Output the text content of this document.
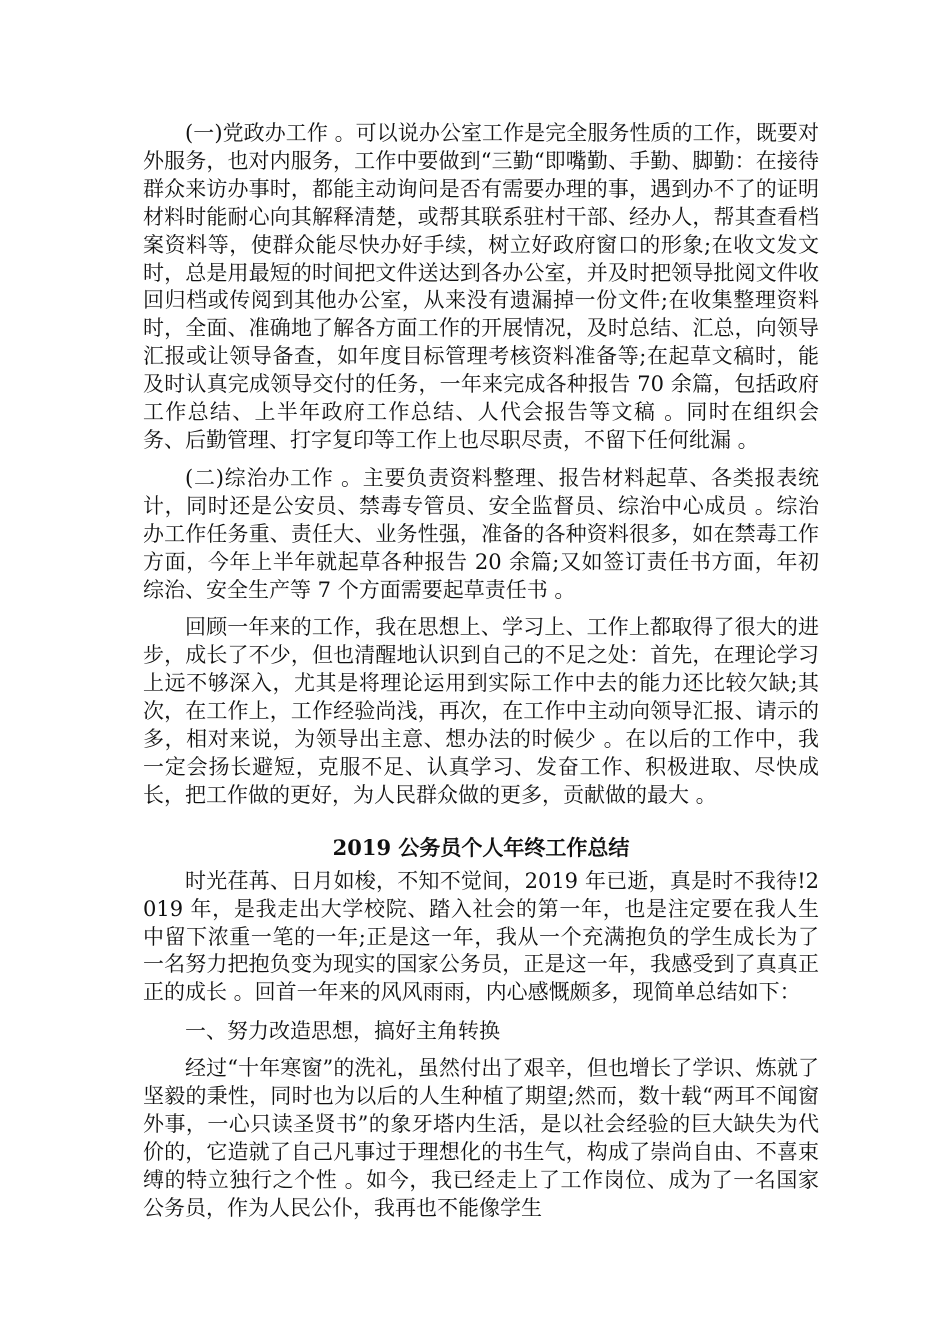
(一)党政办工作 。可以说办公室工作是完全服务性质的工作，既要对外服务，也对内服务，工作中要做到“三勤“即嘴勤、手勤、脚勤：在接待群众来访办事时，都能主动询问是否有需要办理的事，遇到办不了的证明材料时能耐心向其解释清楚，或帮其联系驻村干部、经办人，帮其查看档案资料等，使群众能尽快办好手续，树立好政府窗口的形象;在收文发文时，总是用最短的时间把文件送达到各办公室，并及时把领导批阅文件收回归档或传阅到其他办公室，从来没有遗漏掉一份文件;在收集整理资料时，全面、准确地了解各方面工作的开展情况，及时总结、汇总，向领导汇报或让领导备查，如年度目标管理考核资料准备等;在起草文稿时，能及时认真完成领导交付的任务，一年来完成各种报告 70 余篇，包括政府工作总结、上半年政府工作总结、人代会报告等文稿 。同时在组织会务、后勤管理、打字复印等工作上也尽职尽责，不留下任何纰漏 。

(二)综治办工作 。主要负责资料整理、报告材料起草、各类报表统计，同时还是公安员、禁毒专管员、安全监督员、综治中心成员 。综治办工作任务重、责任大、业务性强，准备的各种资料很多，如在禁毒工作方面，今年上半年就起草各种报告 20 余篇;又如签订责任书方面，年初综治、安全生产等 7 个方面需要起草责任书 。

回顾一年来的工作，我在思想上、学习上、工作上都取得了很大的进步，成长了不少，但也清醒地认识到自己的不足之处：首先，在理论学习上远不够深入，尤其是将理论运用到实际工作中去的能力还比较欠缺;其次，在工作上，工作经验尚浅，再次，在工作中主动向领导汇报、请示的多，相对来说，为领导出主意、想办法的时候少 。在以后的工作中，我一定会扬长避短，克服不足、认真学习、发奋工作、积极进取、尽快成长，把工作做的更好，为人民群众做的更多，贡献做的最大 。

2019 公务员个人年终工作总结

时光荏苒、日月如梭，不知不觉间，2019 年已逝，真是时不我待!2019 年，是我走出大学校院、踏入社会的第一年，也是注定要在我人生中留下浓重一笔的一年;正是这一年，我从一个充满抱负的学生成长为了一名努力把抱负变为现实的国家公务员，正是这一年，我感受到了真真正正的成长 。回首一年来的风风雨雨，内心感慨颇多，现简单总结如下：

一、努力改造思想，搞好主角转换

经过“十年寒窗”的洗礼，虽然付出了艰辛，但也增长了学识、炼就了坚毅的秉性，同时也为以后的人生种植了期望;然而，数十载“两耳不闻窗外事，一心只读圣贤书”的象牙塔内生活，是以社会经验的巨大缺失为代价的，它造就了自己凡事过于理想化的书生气，构成了崇尚自由、不喜束缚的特立独行之个性 。如今，我已经走上了工作岗位、成为了一名国家公务员，作为人民公仆，我再也不能像学生
